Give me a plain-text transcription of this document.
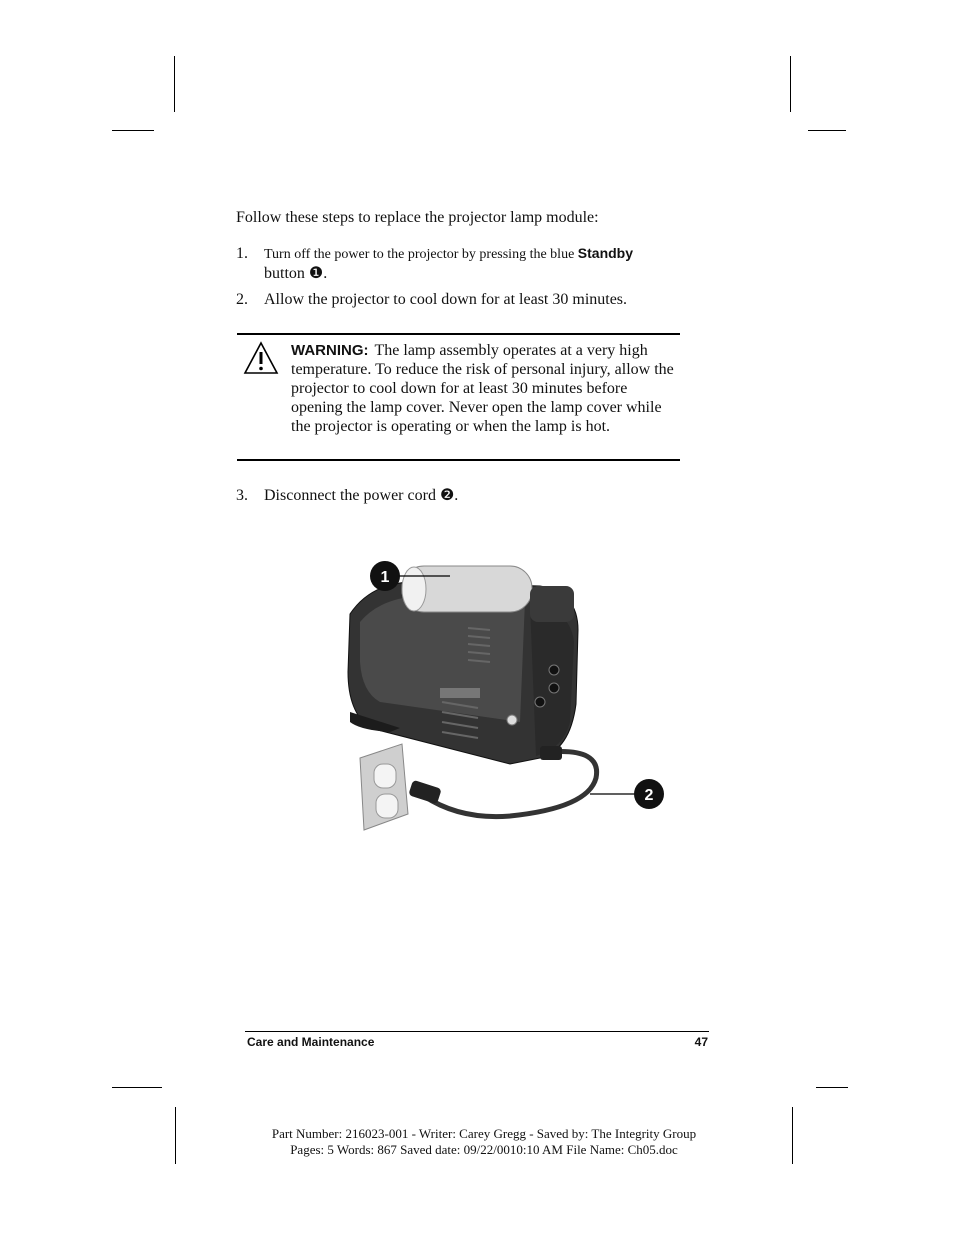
Follow these steps to replace the projector lamp module:
1.	Turn off the power to the projector by pressing the blue Standby
button ❶.
2.	Allow the projector to cool down for at least 30 minutes.
WARNING: The lamp assembly operates at a very high temperature. To reduce the risk of personal injury, allow the projector to cool down for at least 30 minutes before opening the lamp cover. Never open the lamp cover while the projector is operating or when the lamp is hot.
3.	Disconnect the power cord ❷.
1
2
Care and Maintenance	47
Part Number: 216023-001 - Writer: Carey Gregg - Saved by: The Integrity Group
Pages: 5 Words: 867 Saved date: 09/22/0010:10 AM File Name: Ch05.doc
